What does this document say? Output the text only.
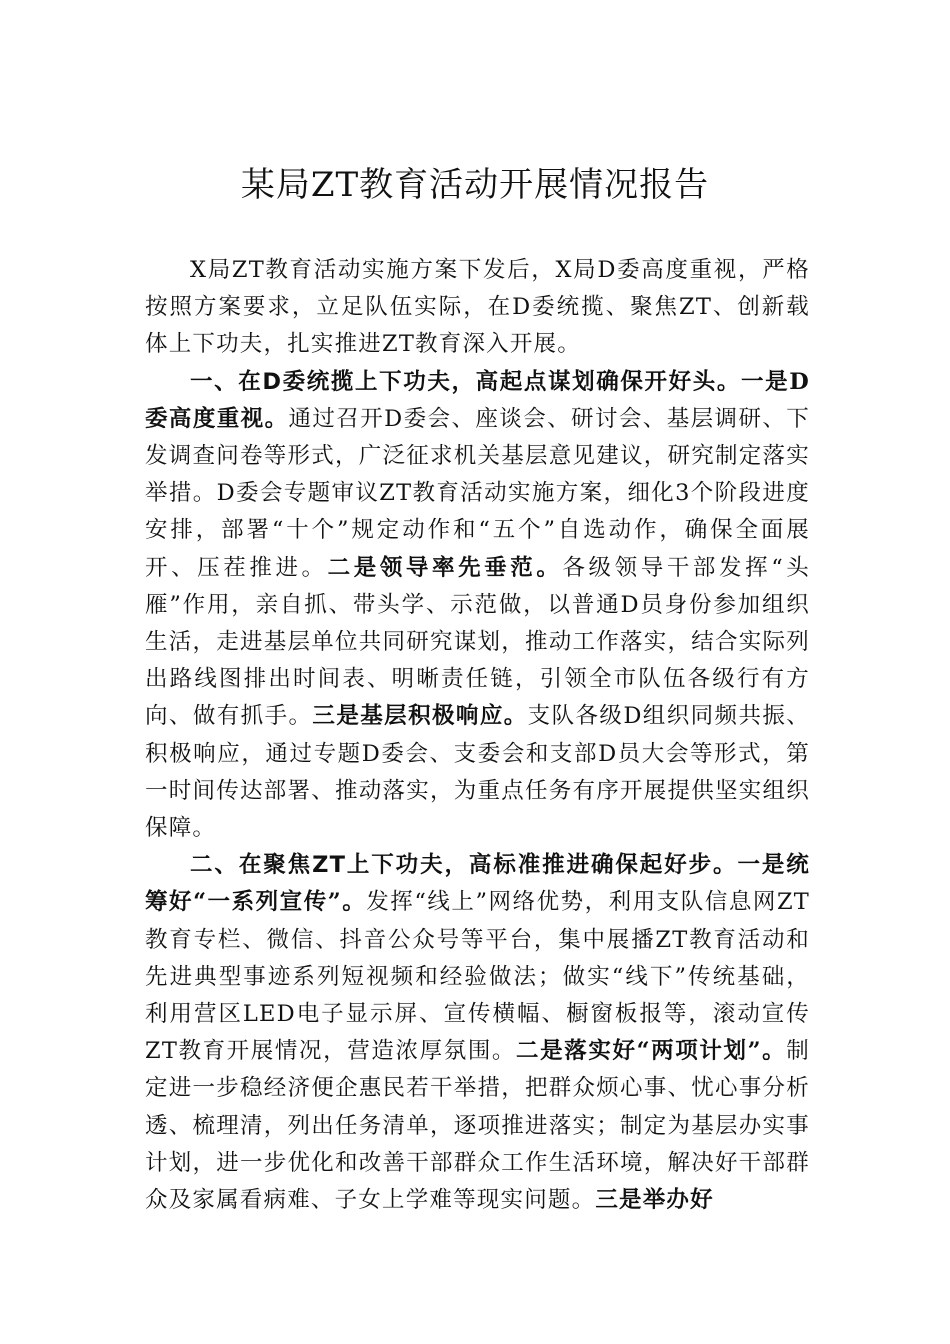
某局ZT教育活动开展情况报告

X局ZT教育活动实施方案下发后，X局D委高度重视，严格按照方案要求，立足队伍实际，在D委统揽、聚焦ZT、创新载体上下功夫，扎实推进ZT教育深入开展。

一、在D委统揽上下功夫，高起点谋划确保开好头。一是D委高度重视。通过召开D委会、座谈会、研讨会、基层调研、下发调查问卷等形式，广泛征求机关基层意见建议，研究制定落实举措。D委会专题审议ZT教育活动实施方案，细化3个阶段进度安排，部署“十个”规定动作和“五个”自选动作，确保全面展开、压茬推进。二是领导率先垂范。各级领导干部发挥“头雁”作用，亲自抓、带头学、示范做，以普通D员身份参加组织生活，走进基层单位共同研究谋划，推动工作落实，结合实际列出路线图排出时间表、明晰责任链，引领全市队伍各级行有方向、做有抓手。三是基层积极响应。支队各级D组织同频共振、积极响应，通过专题D委会、支委会和支部D员大会等形式，第一时间传达部署、推动落实，为重点任务有序开展提供坚实组织保障。

二、在聚焦ZT上下功夫，高标准推进确保起好步。一是统筹好“一系列宣传”。发挥“线上”网络优势，利用支队信息网ZT教育专栏、微信、抖音公众号等平台，集中展播ZT教育活动和先进典型事迹系列短视频和经验做法；做实“线下”传统基础，利用营区LED电子显示屏、宣传横幅、橱窗板报等，滚动宣传ZT教育开展情况，营造浓厚氛围。二是落实好“两项计划”。制定进一步稳经济便企惠民若干举措，把群众烦心事、忧心事分析透、梳理清，列出任务清单，逐项推进落实；制定为基层办实事计划，进一步优化和改善干部群众工作生活环境，解决好干部群众及家属看病难、子女上学难等现实问题。三是举办好
